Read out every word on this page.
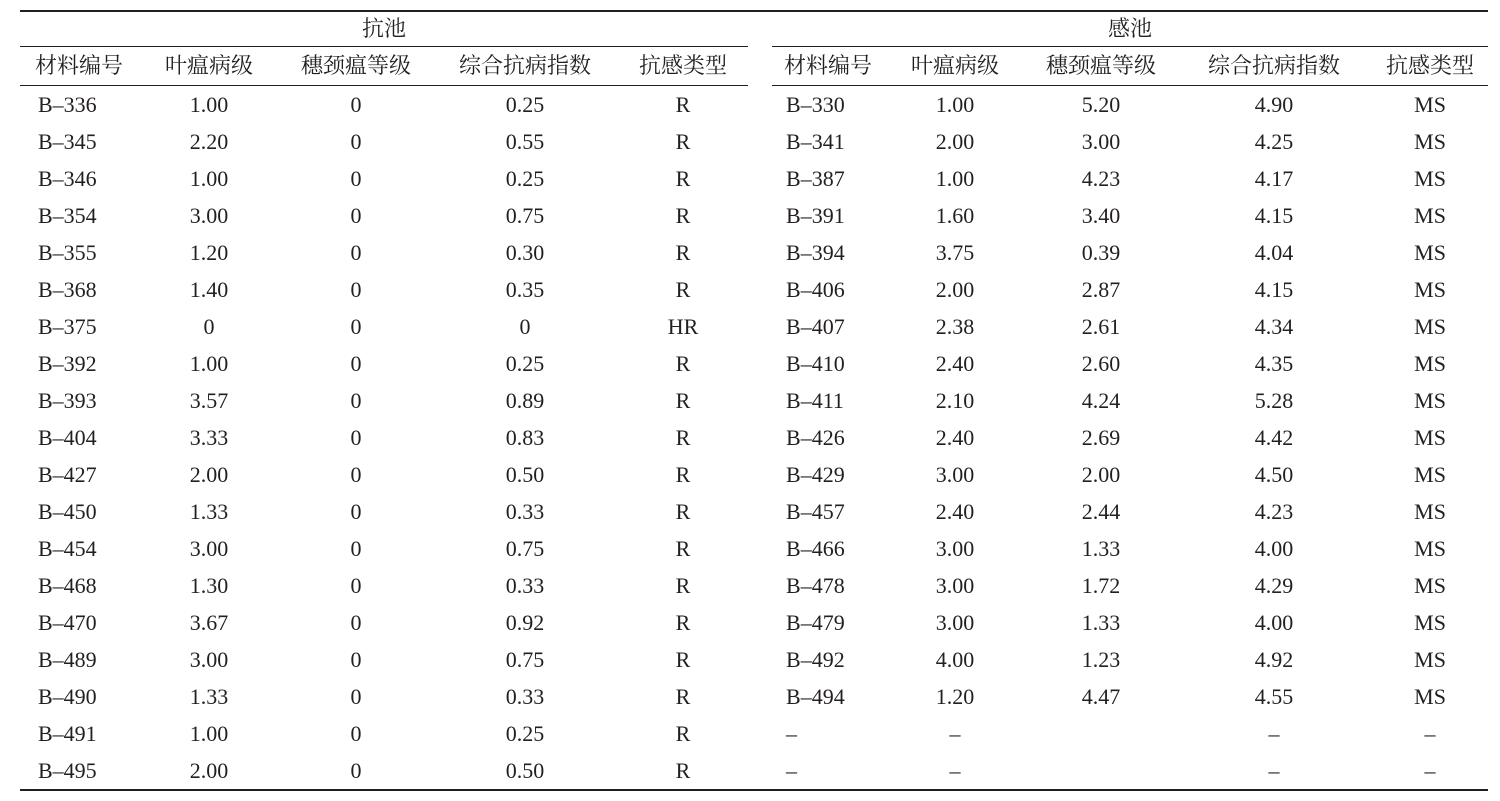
抗池						感池				
材料编号	叶瘟病级	穗颈瘟等级	综合抗病指数	抗感类型		材料编号	叶瘟病级	穗颈瘟等级	综合抗病指数	抗感类型
B–336	1.00	0	0.25	R		B–330	1.00	5.20	4.90	MS
B–345	2.20	0	0.55	R		B–341	2.00	3.00	4.25	MS
B–346	1.00	0	0.25	R		B–387	1.00	4.23	4.17	MS
B–354	3.00	0	0.75	R		B–391	1.60	3.40	4.15	MS
B–355	1.20	0	0.30	R		B–394	3.75	0.39	4.04	MS
B–368	1.40	0	0.35	R		B–406	2.00	2.87	4.15	MS
B–375	0	0	0	HR		B–407	2.38	2.61	4.34	MS
B–392	1.00	0	0.25	R		B–410	2.40	2.60	4.35	MS
B–393	3.57	0	0.89	R		B–411	2.10	4.24	5.28	MS
B–404	3.33	0	0.83	R		B–426	2.40	2.69	4.42	MS
B–427	2.00	0	0.50	R		B–429	3.00	2.00	4.50	MS
B–450	1.33	0	0.33	R		B–457	2.40	2.44	4.23	MS
B–454	3.00	0	0.75	R		B–466	3.00	1.33	4.00	MS
B–468	1.30	0	0.33	R		B–478	3.00	1.72	4.29	MS
B–470	3.67	0	0.92	R		B–479	3.00	1.33	4.00	MS
B–489	3.00	0	0.75	R		B–492	4.00	1.23	4.92	MS
B–490	1.33	0	0.33	R		B–494	1.20	4.47	4.55	MS
B–491	1.00	0	0.25	R		–	–		–	–
B–495	2.00	0	0.50	R		–	–		–	–
